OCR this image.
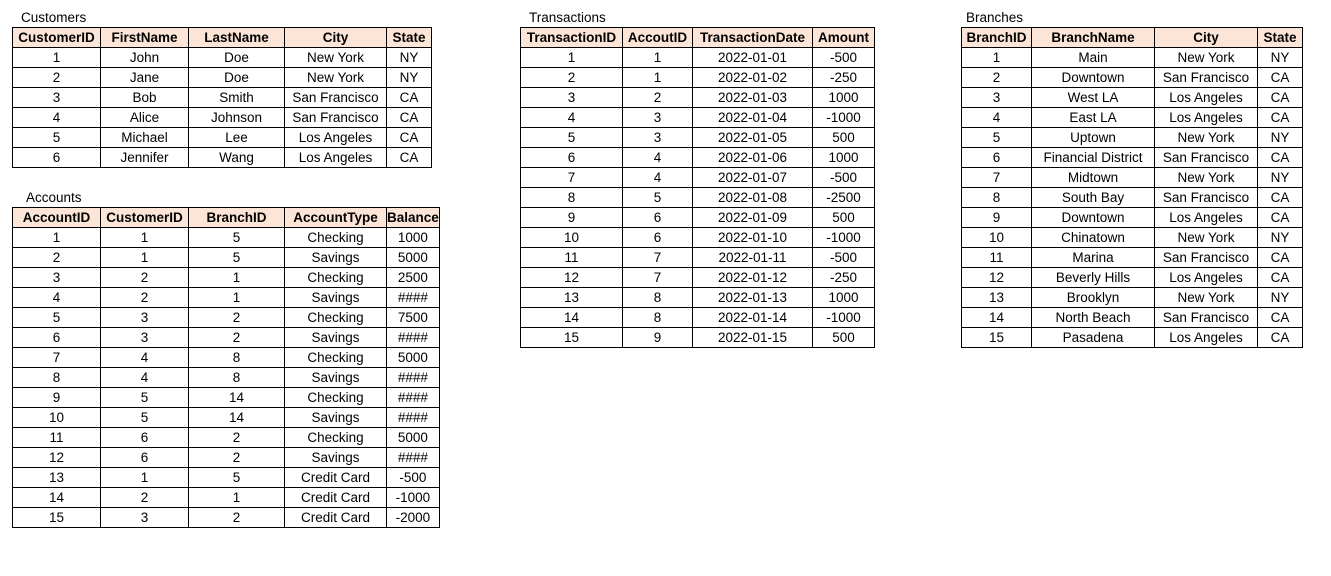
Customers
CustomerID	FirstName	LastName	City	State
1	John	Doe	New York	NY
2	Jane	Doe	New York	NY
3	Bob	Smith	San Francisco	CA
4	Alice	Johnson	San Francisco	CA
5	Michael	Lee	Los Angeles	CA
6	Jennifer	Wang	Los Angeles	CA
Accounts
AccountID	CustomerID	BranchID	AccountType	Balance
1	1	5	Checking	1000
2	1	5	Savings	5000
3	2	1	Checking	2500
4	2	1	Savings	####
5	3	2	Checking	7500
6	3	2	Savings	####
7	4	8	Checking	5000
8	4	8	Savings	####
9	5	14	Checking	####
10	5	14	Savings	####
11	6	2	Checking	5000
12	6	2	Savings	####
13	1	5	Credit Card	-500
14	2	1	Credit Card	-1000
15	3	2	Credit Card	-2000
Transactions
TransactionID	AccoutID	TransactionDate	Amount
1	1	2022-01-01	-500
2	1	2022-01-02	-250
3	2	2022-01-03	1000
4	3	2022-01-04	-1000
5	3	2022-01-05	500
6	4	2022-01-06	1000
7	4	2022-01-07	-500
8	5	2022-01-08	-2500
9	6	2022-01-09	500
10	6	2022-01-10	-1000
11	7	2022-01-11	-500
12	7	2022-01-12	-250
13	8	2022-01-13	1000
14	8	2022-01-14	-1000
15	9	2022-01-15	500
Branches
BranchID	BranchName	City	State
1	Main	New York	NY
2	Downtown	San Francisco	CA
3	West LA	Los Angeles	CA
4	East LA	Los Angeles	CA
5	Uptown	New York	NY
6	Financial District	San Francisco	CA
7	Midtown	New York	NY
8	South Bay	San Francisco	CA
9	Downtown	Los Angeles	CA
10	Chinatown	New York	NY
11	Marina	San Francisco	CA
12	Beverly Hills	Los Angeles	CA
13	Brooklyn	New York	NY
14	North Beach	San Francisco	CA
15	Pasadena	Los Angeles	CA
